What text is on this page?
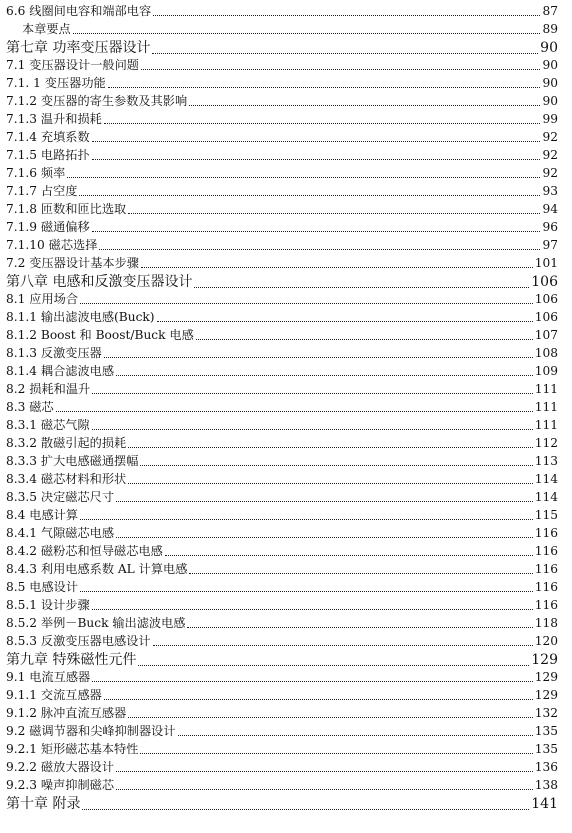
6.6 线圈间电容和端部电容	87
本章要点	89
第七章 功率变压器设计	90
7.1 变压器设计一般问题	90
7.1. 1 变压器功能	90
7.1.2 变压器的寄生参数及其影响	90
7.1.3 温升和损耗	99
7.1.4 充填系数	92
7.1.5 电路拓扑	92
7.1.6 频率	92
7.1.7 占空度	93
7.1.8 匝数和匝比选取	94
7.1.9 磁通偏移	96
7.1.10 磁芯选择	97
7.2 变压器设计基本步骤	101
第八章 电感和反激变压器设计	106
8.1 应用场合	106
8.1.1 输出滤波电感(Buck)	106
8.1.2 Boost 和 Boost/Buck 电感	107
8.1.3 反激变压器	108
8.1.4 耦合滤波电感	109
8.2 损耗和温升	111
8.3 磁芯	111
8.3.1 磁芯气隙	111
8.3.2 散磁引起的损耗	112
8.3.3 扩大电感磁通摆幅	113
8.3.4 磁芯材料和形状	114
8.3.5 决定磁芯尺寸	114
8.4 电感计算	115
8.4.1 气隙磁芯电感	116
8.4.2 磁粉芯和恒导磁芯电感	116
8.4.3 利用电感系数 AL 计算电感	116
8.5 电感设计	116
8.5.1 设计步骤	116
8.5.2 举例－Buck 输出滤波电感	118
8.5.3 反激变压器电感设计	120
第九章 特殊磁性元件	129
9.1 电流互感器	129
9.1.1 交流互感器	129
9.1.2 脉冲直流互感器	132
9.2 磁调节器和尖峰抑制器设计	135
9.2.1 矩形磁芯基本特性	135
9.2.2 磁放大器设计	136
9.2.3 噪声抑制磁芯	138
第十章 附录	141
